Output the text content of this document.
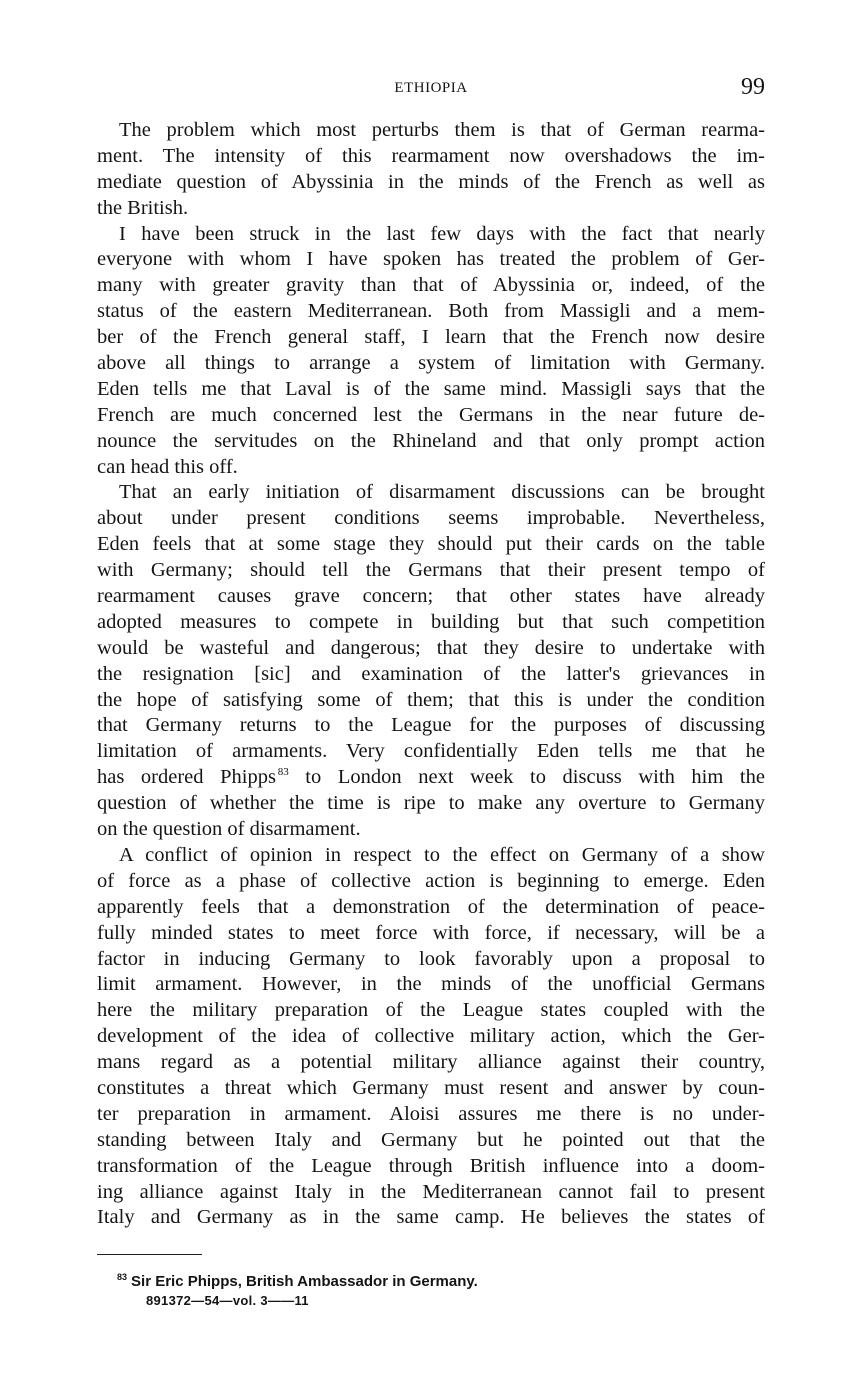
ETHIOPIA	99
The problem which most perturbs them is that of German rearma-
ment. The intensity of this rearmament now overshadows the im-
mediate question of Abyssinia in the minds of the French as well as
the British.
I have been struck in the last few days with the fact that nearly
everyone with whom I have spoken has treated the problem of Ger-
many with greater gravity than that of Abyssinia or, indeed, of the
status of the eastern Mediterranean. Both from Massigli and a mem-
ber of the French general staff, I learn that the French now desire
above all things to arrange a system of limitation with Germany.
Eden tells me that Laval is of the same mind. Massigli says that the
French are much concerned lest the Germans in the near future de-
nounce the servitudes on the Rhineland and that only prompt action
can head this off.
That an early initiation of disarmament discussions can be brought
about under present conditions seems improbable. Nevertheless,
Eden feels that at some stage they should put their cards on the table
with Germany; should tell the Germans that their present tempo of
rearmament causes grave concern; that other states have already
adopted measures to compete in building but that such competition
would be wasteful and dangerous; that they desire to undertake with
the resignation [sic] and examination of the latter's grievances in
the hope of satisfying some of them; that this is under the condition
that Germany returns to the League for the purposes of discussing
limitation of armaments. Very confidentially Eden tells me that he
has ordered Phipps  $^{83}$ to London next week to discuss with him the
question of whether the time is ripe to make any overture to Germany
on the question of disarmament.
A conflict of opinion in respect to the effect on Germany of a show
of force as a phase of collective action is beginning to emerge. Eden
apparently feels that a demonstration of the determination of peace-
fully minded states to meet force with force, if necessary, will be a
factor in inducing Germany to look favorably upon a proposal to
limit armament. However, in the minds of the unofficial Germans
here the military preparation of the League states coupled with the
development of the idea of collective military action, which the Ger-
mans regard as a potential military alliance against their country,
constitutes a threat which Germany must resent and answer by coun-
ter preparation in armament. Aloisi assures me there is no under-
standing between Italy and Germany but he pointed out that the
transformation of the League through British influence into a doom-
ing alliance against Italy in the Mediterranean cannot fail to present
Italy and Germany as in the same camp. He believes the states of
$^{83}$ Sir Eric Phipps, British Ambassador in Germany.
891372—54—vol. 3——11
